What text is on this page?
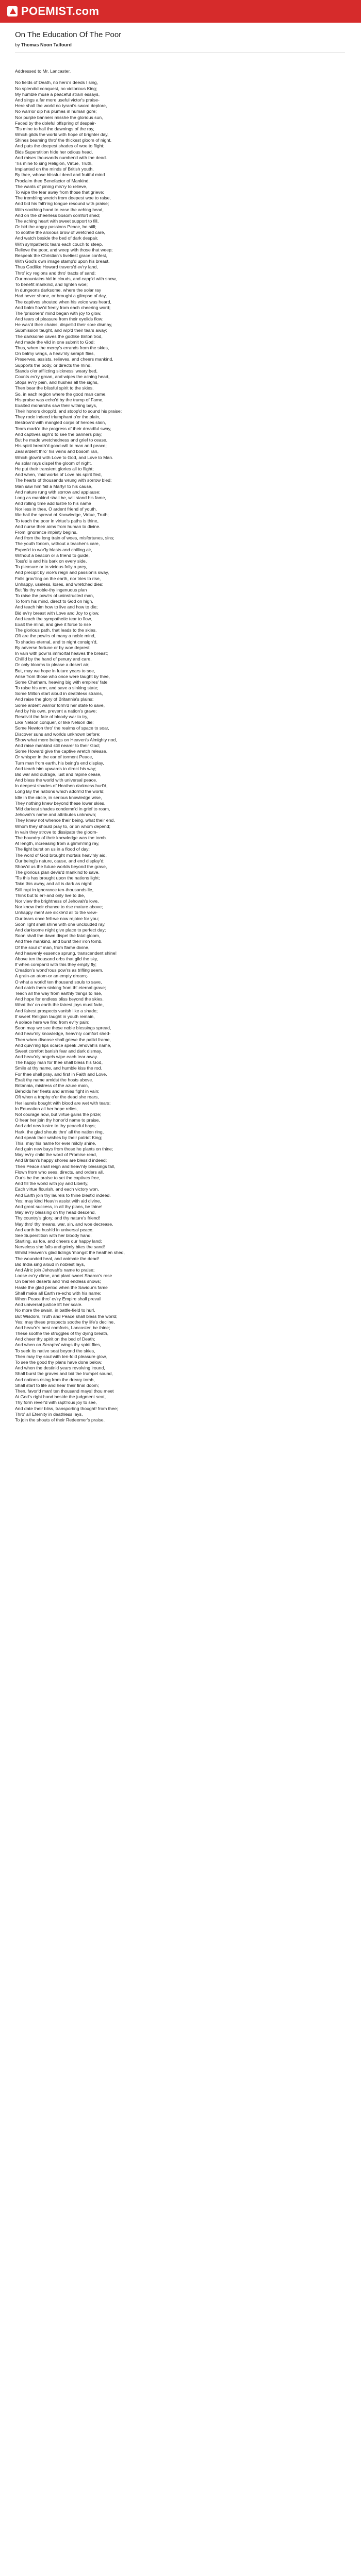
POEMIST.com
On The Education Of The Poor
by Thomas Noon Talfourd
Addressed to Mr. Lancaster.

No fields of Death, no hero's deeds I sing,
No splendid conquest, no victorious King;
My humble muse a peaceful strain essays,
And sings a far more useful victor's praise-
Here shall the world no tyrant's sword deplore,
No warrior dip his plumes in human gore;
Nor purple banners misshe the glorious sun,
Faced by the doleful offspring of despair-
'Tis mine to hail the dawnings of the ray,
Which gilds the world with hope of brighter day,
Shines beaming thro' the thickest gloom of night,
And puts the deepest shades of woe to flight;
Bids Superstition hide her odious head,
And raises thousands number'd with the dead.
'Tis mine to sing Religion, Virtue, Truth,
Implanted on the minds of British youth,
By thee, whose blissful deed and fruitful mind
Proclaim thee Benefactor of Mankind.
The wants of pining mis'ry to relieve,
To wipe the tear away from those that grieve;
The trembling wretch from deepest woe to raise,
And bid his falt'ring tongue resound with praise;
With soothing hand to ease the aching head,
And on the cheerless bosom comfort shed;
The aching heart with sweet support to fill,
Or bid the angry passions Peace, be still;
To soothe the anxious brow of wretched care,
And watch beside the bed of dark despair,
With sympathetic tears each couch to steep,
Relieve the poor, and weep with those that weep;
Bespeak the Christian's liveliest grace confest,
With God's own image stamp'd upon his breast.
Thus Godlike Howard travers'd ev'ry land,
Thro' icy regions and thro' tracts of sand;
Our mountains hid in clouds, and capp'd with snow,
To benefit mankind, and lighten woe;
In dungeons darksome, where the solar ray
Had never shone, or brought a glimpse of day,
The captives shouted when his voice was heard,
And balm flow'd freely from each cheering word;
The 'prisoners' mind began with joy to glow,
And tears of pleasure from their eyelids flow:
He was'd their chains, dispell'd their sore dismay,
Submission taught, and wip'd their tears away;
The darksome caves the godlike Briton trod,
And made the vild in one submit to God;
Thus, when the mercy's errands from the skies,
On balmy wings, a heav'nly seraph flies,
Preserves, assists, relieves, and cheers mankind,
Supports the body, or directs the mind,
Stands o'er afflicting sickness' weary bed,
Counts ev'ry groan, and wipes the aching head,
Stops ev'ry pain, and hushes all the sighs,
Then bear the blissful spirit to the skies.
So, in each region where the good man came,
His praise was echo'd by the trump of Fame,
Exalted monarchs saw their withing bays,
Their honors dropp'd, and stoop'd to sound his praise;
They rode indeed triumphant o'er the plain,
Bestrow'd with mangled corps of heroes slain,
Tears mark'd the progress of their dreadful sway,
And captives sigh'd to see the banners play;
But he made wretchedness and grief to cease,
His spirit breath'd good-will to man and peace;
Zeal ardent thro' his veins and bosom ran,
Which glow'd with Love to God, and Love to Man.
As solar rays dispel the gloom of night,
He put their transient glories all to flight;
And when, 'mid works of Love his spirit fled,
The hearts of thousands wrung with sorrow bled;
Man saw him fall a Martyr to his cause,
And nature rung with sorrow and applause:
Long as mankind shall be, will stand his fame,
And rolling time add lustre to his name
Nor less in thee, O ardent friend of youth,
We hail the spread of Knowledge, Virtue, Truth;
To teach the poor in virtue's paths is thine,
And nurse their aims from human to divine.
From ignorance impiety begins,
And from the long train of woes, misfortunes, sins;
The youth forlorn, without a teacher's care,
Expos'd to wor'ly blasts and chilling air,
Without a beacon or a friend to guide,
Toss'd is and his bark on every side,
To pleasure or to vicious folly a prey,
And precipit by vice's reign and passion's sway,
Falls grov'ling on the earth, nor tries to rise,
Unhappy, useless, loses, and wretched dies:
But 'tis thy noble-thy ingenuous plan
To raise the pow'rs of uninstructed man,
To form his mind, direct to God on high,
And teach him how to live and how to die;
Bid ev'ry breast with Love and Joy to glow,
And teach the sympathetic tear to flow,
Exalt the mind, and give it force to rise
The glorious path, that leads to the skies.
Oft are the pow'rs of many a noble mind,
To shades eternal, and to night consign'd,
By adverse fortune or by woe deprest;
In vain with pow'rs immortal heaves the breast;
Chill'd by the hand of penury and care,
Or only blooms to please a desert air;
But, may we hope in future years to see,
Arise from those who once were taught by thee,
Some Chatham, heaving big with empires' fate
To raise his arm, and save a sinking state;
Some Milton start aloud in deathless strains,
And raise the glory of Britannia's plains;
Some ardent warrior form'd her state to save,
And by his own, prevent a nation's grave;
Resolv'd the fate of bloody war to try,
Like Nelson conquer, or like Nelson die;
Some Newton thro' the realms of space to soar,
Discover suns and worlds unknown before;
Show what more beings on Heaven's Almighty nod,
And raise mankind still nearer to their God;
Some Howard give the captive wretch release,
Or whisper in the ear of torment Peace,
Turn man from earth, his being's end display,
And teach him upwards to direct his way;
Bid war and outrage, lust and rapine cease,
And bless the world with universal peace.
In deepest shades of Heathen darkness hurl'd,
Long lay the nations which adorn'd the world;
Idle in the circle, in serious knowledge wise,
They nothing knew beyond these lower skies.
'Mid darkest shades condemn'd in grief to roam,
Jehovah's name and attributes unknown;
They knew not whence their being, what their end,
Whom they should pray to, or on whom depend;
In vain they strove to dissipate the gloom-
The boundry of their knowledge was the tomb.
At length, increasing from a glimm'ring ray,
The light burst on us in a flood of day;
The word of God brought mortals heav'nly aid,
Our being's nature, cause, and end display'd;
Show'd us the future worlds beyond the grave,
The glorious plan devis'd mankind to save.
'Tis this has brought upon the nations light;
Take this away, and all is dark as night:
Still rapt in ignorance ten-thousands lie,
Think but to err-and only live to die,
Nor view the brightness of Jehovah's love,
Nor know their chance to rise mature above;
Unhappy men! are sickle'd all to the view-
Our tears once fell-we now rejoice for you;
Soon light shall shine with one unclouded ray,
And darksome night give place to perfect day;
Soon shall the dawn dispel the fatal gloom,
And free mankind, and burst their iron tomb.
Of the soul of man, from flame divine,
And heavenly essence sprung, transcendent shine!
Above ten thousand orbs that gild the sky,
If when compar'd with this they empty fly;
Creation's wond'rous pow'rs as trifling seem,
A grain-an atom-or an empty dream;-
O what a world! ten thousand souls to save,
And catch them sinking from th' eternal grave;
Teach all the way from earthly things to rise,
And hope for endless bliss beyond the skies.
What tho' on earth the fairest joys must fade,
And fairest prospects vanish like a shade;
If sweet Religion taught in youth remain,
A solace here we find from ev'ry pain;
Soon may we see these noble blessings spread,
And heav'nly knowledge, heav'nly comfort shed-
Then when disease shall grieve the pallid frame,
And quiv'ring lips scarce speak Jehovah's name,
Sweet comfort banish fear and dark dismay,
And heav'nly angels wipe each tear away.
The happy man for thee shall bless his God,
Smile at thy name, and humble kiss the rod.
For thee shall pray, and first in Faith and Love,
Exalt thy name amidst the hosts above.
Britannia, mistress of the azure main,
Beholds her fleets and armies fight in vain;
Oft when a trophy o'er the dead she rears,
Her laurels bought with blood are wet with tears;
In Education all her hope relies,
Not courage now, but virtue gains the prize;
O hear her join thy honor'd name to praise,
And add new lustre to thy peaceful bays;
Hark, the glad shouts thro' all the nation ring,
And speak their wishes by their patriot King;
This, may his name for ever mildly shine,
And gain new bays from those he plants on thine;
May ev'ry child the word of Promise read,
And Britain's happy shores are bless'd indeed;
Then Peace shall reign and heav'nly blessings fall,
Flown from who sees, directs, and orders all.
Our's be the praise to set the captives free,
And fill the world with joy and Liberty,
Each virtue flourish, and each victory won,
And Earth join thy laurels to thine blest'd indeed.
Yes; may kind Heav'n assist with aid divine,
And great success, in all thy plans, be thine!
May ev'ry blessing on thy head descend,
Thy country's glory, and thy nature's friend!
May thro' thy means, war, sin, and woe decrease,
And earth be hush'd in universal peace.
See Superstition with her bloody hand,
Starting, as foe, and cheers our happy land;
Nerveless she falls and grimly bites the sand!
Whilst Heaven's glad tidings 'mongst the heathen shed,
The wounded heal, and animate the dead!
Bid India sing aloud in noblest lays,
And Afric join Jehovah's name to praise;
Loose ev'ry clime, and plant sweet Sharon's rose
On barren deserts and 'mid endless snows;
Haste the glad period when the Saviour's fame
Shall make all Earth re-echo with his name;
When Peace thro' ev'ry Empire shall prevail
And universal justice lift her scale.
No more the swain, in battle-field to hurl,
But Wisdom, Truth and Peace shall bless the world;
Yes; may these prospects soothe thy life's decline,
And heav'n's best comforts, Lancaster, be thine;
These soothe the struggles of thy dying breath,
And cheer thy spirit on the bed of Death;
And when on Seraphs' wings thy spirit flies,
To seek its native seat beyond the skies,
Then may thy soul with ten-fold pleasure glow,
To see the good thy plans have done below;
And when the destin'd years revolving 'round,
Shall burst the graves and bid the trumpet sound,
And nations rising from the dreary tomb,
Shall start to life and hear their final doom;
Then, favor'd man! ten thousand mays! thou meet
At God's right hand beside the judgment seat,
Thy form rever'd with rapt'rous joy to see,
And date their bliss, transporting thought! from thee;
Thro' all Eternity in deathless lays,
To join the shouts of their Redeemer's praise.
